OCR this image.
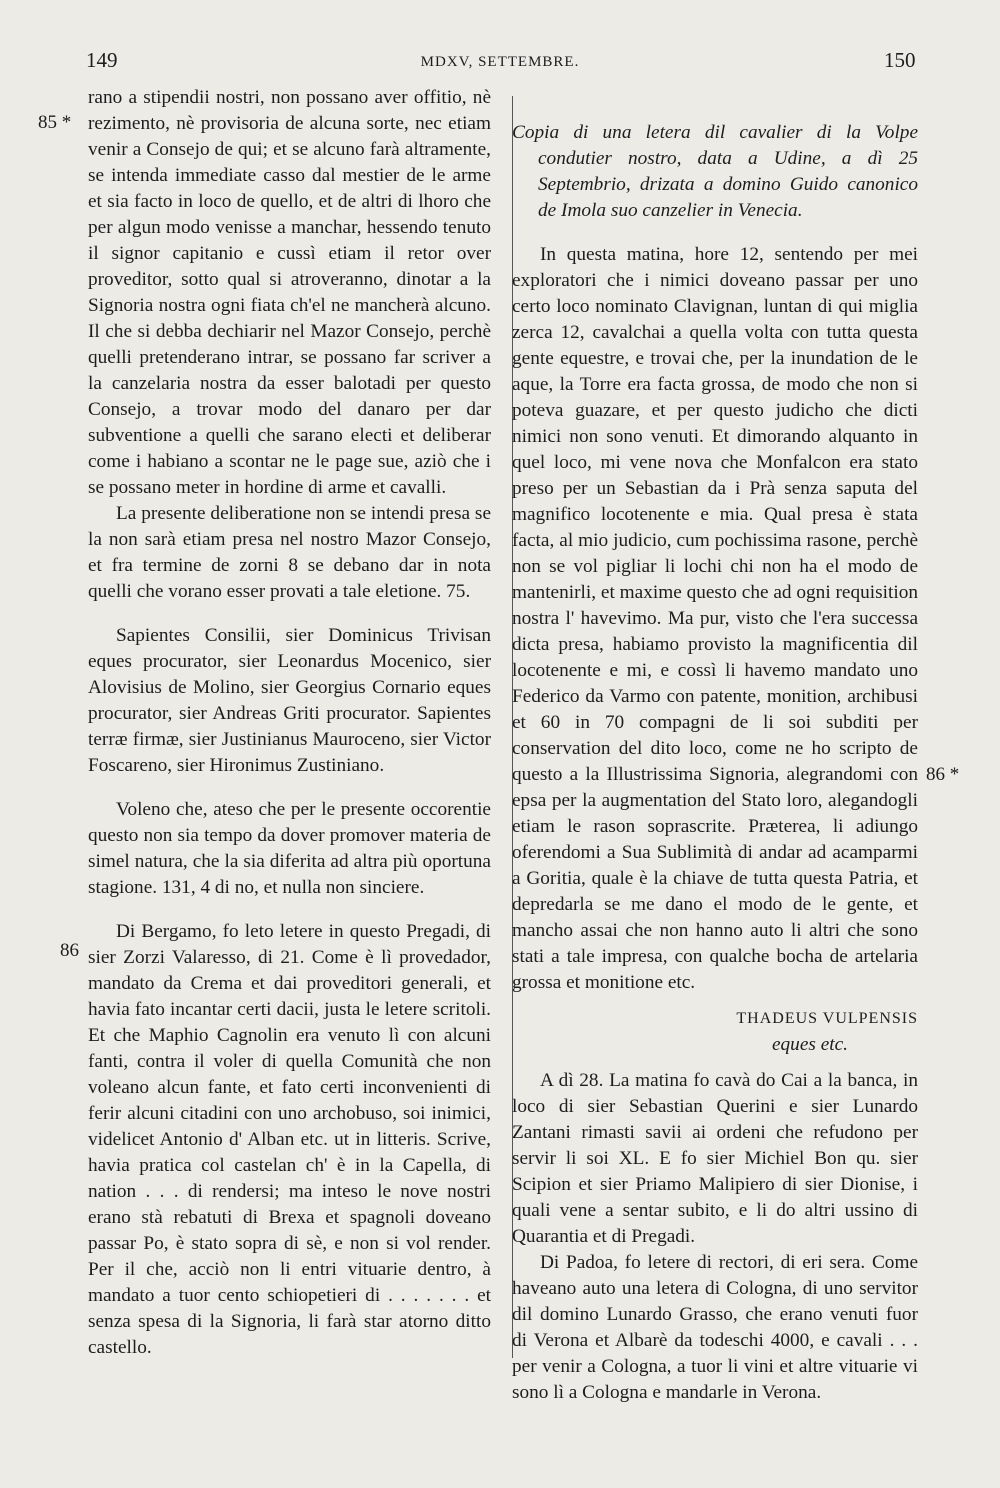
149	MDXV, SETTEMBRE.	150
85 *
86
86 *

rano a stipendii nostri, non possano aver offitio, nè rezimento, nè provisoria de alcuna sorte, nec etiam venir a Consejo de qui; et se alcuno farà altramente, se intenda immediate casso dal mestier de le arme et sia facto in loco de quello, et de altri di lhoro che per algun modo venisse a manchar, hessendo tenuto il signor capitanio e cussì etiam il retor over proveditor, sotto qual si atroveranno, dinotar a la Signoria nostra ogni fiata ch'el ne mancherà alcuno. Il che si debba dechiarir nel Mazor Consejo, perchè quelli pretenderano intrar, se possano far scriver a la canzelaria nostra da esser balotadi per questo Consejo, a trovar modo del danaro per dar subventione a quelli che sarano electi et deliberar come i habiano a scontar ne le page sue, aziò che i se possano meter in hordine di arme et cavalli.

La presente deliberatione non se intendi presa se la non sarà etiam presa nel nostro Mazor Consejo, et fra termine de zorni 8 se debano dar in nota quelli che vorano esser provati a tale eletione. 75.

Sapientes Consilii, sier Dominicus Trivisan eques procurator, sier Leonardus Mocenico, sier Alovisius de Molino, sier Georgius Cornario eques procurator, sier Andreas Griti procurator. Sapientes terræ firmæ, sier Justinianus Mauroceno, sier Victor Foscareno, sier Hironimus Zustiniano.

Voleno che, ateso che per le presente occorentie questo non sia tempo da dover promover materia de simel natura, che la sia diferita ad altra più oportuna stagione. 131, 4 di no, et nulla non sinciere.

Di Bergamo, fo leto letere in questo Pregadi, di sier Zorzi Valaresso, di 21. Come è lì provedador, mandato da Crema et dai proveditori generali, et havia fato incantar certi dacii, justa le letere scritoli. Et che Maphio Cagnolin era venuto lì con alcuni fanti, contra il voler di quella Comunità che non voleano alcun fante, et fato certi inconvenienti di ferir alcuni citadini con uno archobuso, soi inimici, videlicet Antonio d' Alban etc. ut in litteris. Scrive, havia pratica col castelan ch' è in la Capella, di nation . . . di rendersi; ma inteso le nove nostri erano stà rebatuti di Brexa et spagnoli doveano passar Po, è stato sopra di sè, e non si vol render. Per il che, acciò non li entri vituarie dentro, à mandato a tuor cento schiopetieri di . . . . . . . et senza spesa di la Signoria, li farà star atorno ditto castello.

Copia di una letera dil cavalier di la Volpe condutier nostro, data a Udine, a dì 25 Septembrio, drizata a domino Guido canonico de Imola suo canzelier in Venecia.

In questa matina, hore 12, sentendo per mei exploratori che i nimici doveano passar per uno certo loco nominato Clavignan, luntan di qui miglia zerca 12, cavalchai a quella volta con tutta questa gente equestre, e trovai che, per la inundation de le aque, la Torre era facta grossa, de modo che non si poteva guazare, et per questo judicho che dicti nimici non sono venuti. Et dimorando alquanto in quel loco, mi vene nova che Monfalcon era stato preso per un Sebastian da i Prà senza saputa del magnifico locotenente e mia. Qual presa è stata facta, al mio judicio, cum pochissima rasone, perchè non se vol pigliar li lochi chi non ha el modo de mantenirli, et maxime questo che ad ogni requisition nostra l' havevimo. Ma pur, visto che l'era successa dicta presa, habiamo provisto la magnificentia dil locotenente e mi, e cossì li havemo mandato uno Federico da Varmo con patente, monition, archibusi et 60 in 70 compagni de li soi subditi per conservation del dito loco, come ne ho scripto de questo a la Illustrissima Signoria, alegrandomi con epsa per la augmentation del Stato loro, alegandogli etiam le rason soprascrite. Prætereа, li adiungo oferendomi a Sua Sublimità di andar ad acamparmi a Goritia, quale è la chiave de tutta questa Patria, et depredarla se me dano el modo de le gente, et mancho assai che non hanno auto li altri che sono stati a tale impresa, con qualche bocha de artelaria grossa et monitione etc.

THADEUS VULPENSIS
eques etc.

A dì 28. La matina fo cavà do Cai a la banca, in loco di sier Sebastian Querini e sier Lunardo Zantani rimasti savii ai ordeni che refudono per servir li soi XL. E fo sier Michiel Bon qu. sier Scipion et sier Priamo Malipiero di sier Dionise, i quali vene a sentar subito, e li do altri ussino di Quarantia et di Pregadi.

Di Padoa, fo letere di rectori, di eri sera. Come haveano auto una letera di Cologna, di uno servitor dil domino Lunardo Grasso, che erano venuti fuor di Verona et Albarè da todeschi 4000, e cavali . . . per venir a Cologna, a tuor li vini et altre vituarie vi sono lì a Cologna e mandarle in Verona.
